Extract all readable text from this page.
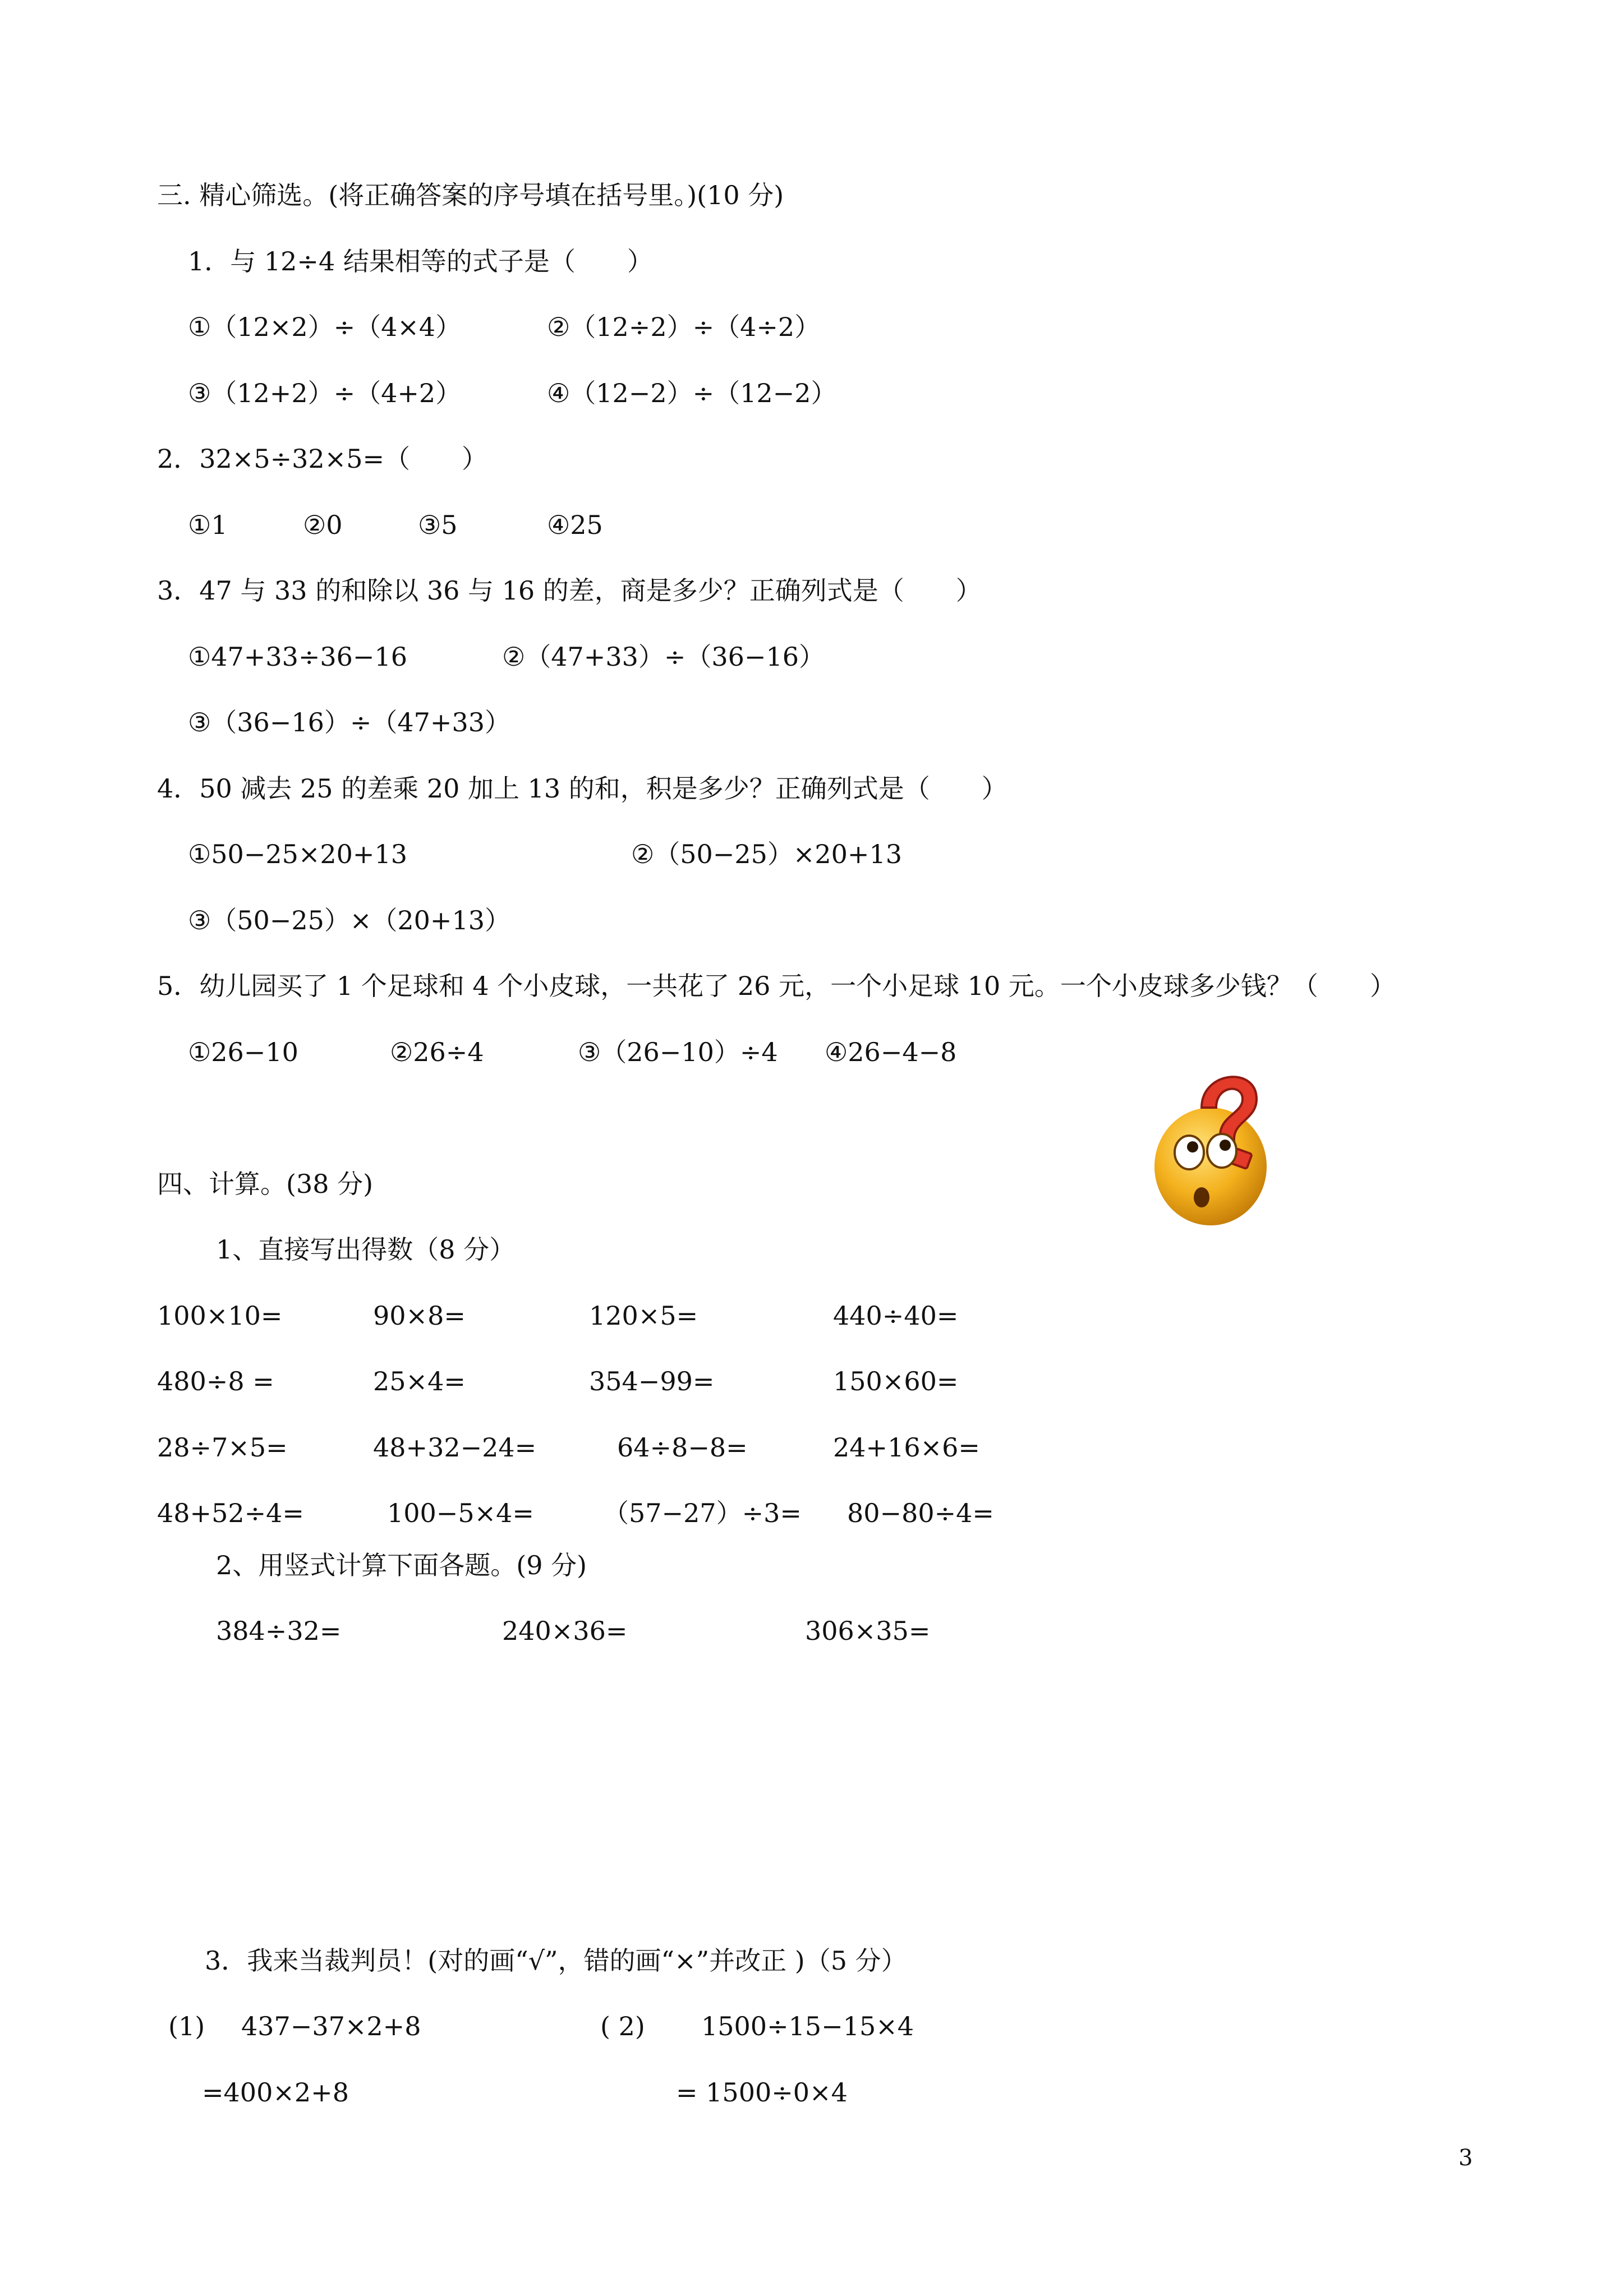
三. 精心筛选。(将正确答案的序号填在括号里。)(10 分)
1．与 12÷4 结果相等的式子是（　　）
①（12×2）÷（4×4）	②（12÷2）÷（4÷2）
③（12+2）÷（4+2）	④（12−2）÷（12−2）
2．32×5÷32×5=（　　）
①1	②0	③5	④25
3．47 与 33 的和除以 36 与 16 的差，商是多少？正确列式是（　　）
①47+33÷36−16	②（47+33）÷（36−16）
③（36−16）÷（47+33）
4．50 减去 25 的差乘 20 加上 13 的和，积是多少？正确列式是（　　）
①50−25×20+13	②（50−25）×20+13
③（50−25）×（20+13）
5．幼儿园买了 1 个足球和 4 个小皮球，一共花了 26 元，一个小足球 10 元。一个小皮球多少钱？（　　）
①26−10	②26÷4	③（26−10）÷4 ④26−4−8
四、计算。(38 分)
1、直接写出得数（8 分）
100×10=	90×8=	120×5=	440÷40=
480÷8 =	25×4=	354−99=	150×60=
28÷7×5=	48+32−24=	64÷8−8=	24+16×6=
48+52÷4=	100−5×4=	（57−27）÷3= 80−80÷4=
2、用竖式计算下面各题。(9 分)
384÷32=	240×36=	306×35=
3．我来当裁判员！(对的画“√”，错的画“×”并改正 )（5 分）
(1) 437−37×2+8	( 2) 1500÷15−15×4
=400×2+8	= 1500÷0×4
3
